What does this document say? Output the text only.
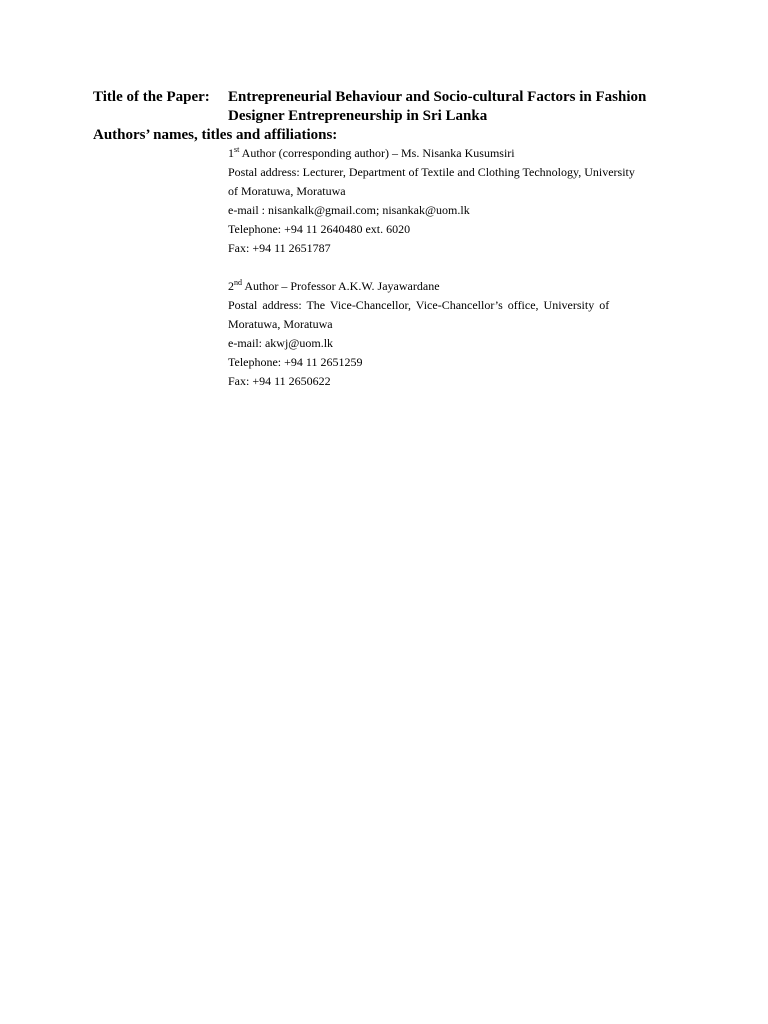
Title of the Paper: Entrepreneurial Behaviour and Socio-cultural Factors in Fashion
Designer Entrepreneurship in Sri Lanka
Authors’ names, titles and affiliations:
1st Author (corresponding author) – Ms. Nisanka Kusumsiri
Postal address: Lecturer, Department of Textile and Clothing Technology, University
of Moratuwa, Moratuwa
e-mail : nisankalk@gmail.com; nisankak@uom.lk
Telephone: +94 11 2640480 ext. 6020
Fax: +94 11 2651787
2nd Author – Professor A.K.W. Jayawardane
Postal address: The Vice-Chancellor, Vice-Chancellor’s office, University of
Moratuwa, Moratuwa
e-mail: akwj@uom.lk
Telephone: +94 11 2651259
Fax: +94 11 2650622
